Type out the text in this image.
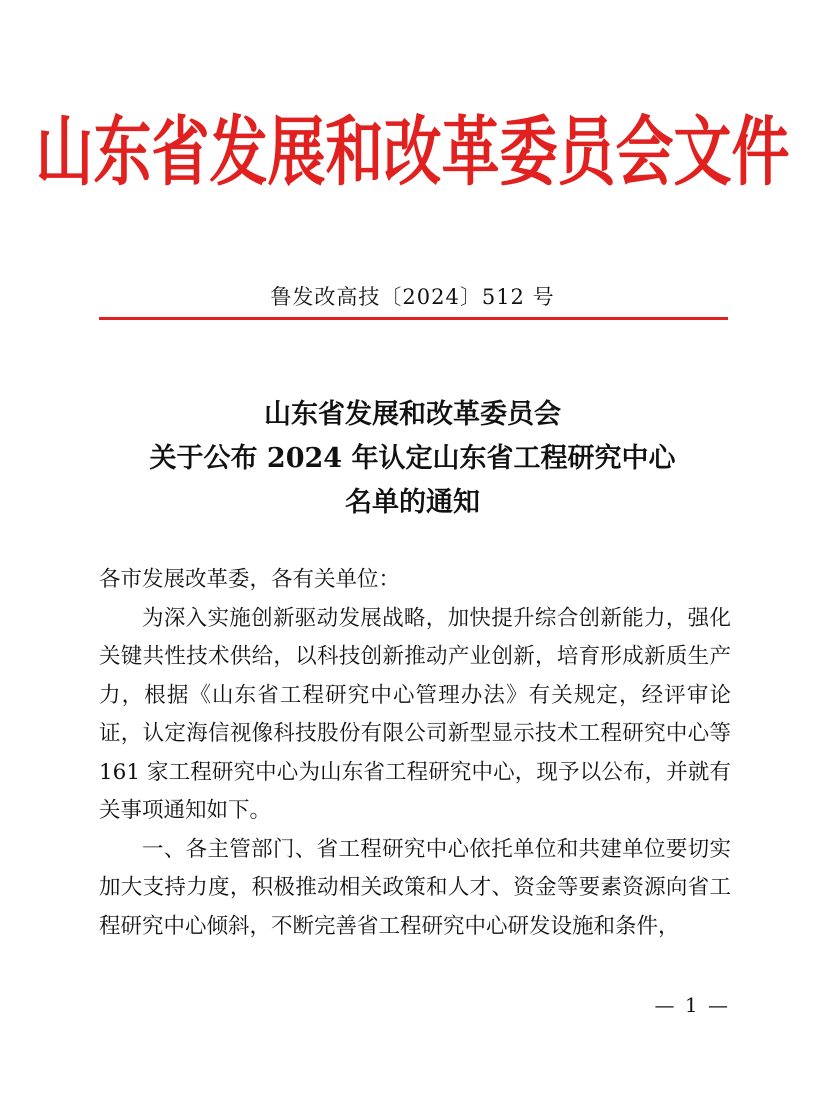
山东省发展和改革委员会文件
鲁发改高技〔2024〕512 号
山东省发展和改革委员会
关于公布 2024 年认定山东省工程研究中心
名单的通知
各市发展改革委，各有关单位：
为深入实施创新驱动发展战略，加快提升综合创新能力，强化关键共性技术供给，以科技创新推动产业创新，培育形成新质生产力，根据《山东省工程研究中心管理办法》有关规定，经评审论证，认定海信视像科技股份有限公司新型显示技术工程研究中心等 161 家工程研究中心为山东省工程研究中心，现予以公布，并就有关事项通知如下。
一、各主管部门、省工程研究中心依托单位和共建单位要切实加大支持力度，积极推动相关政策和人才、资金等要素资源向省工程研究中心倾斜，不断完善省工程研究中心研发设施和条件，
— 1 —
